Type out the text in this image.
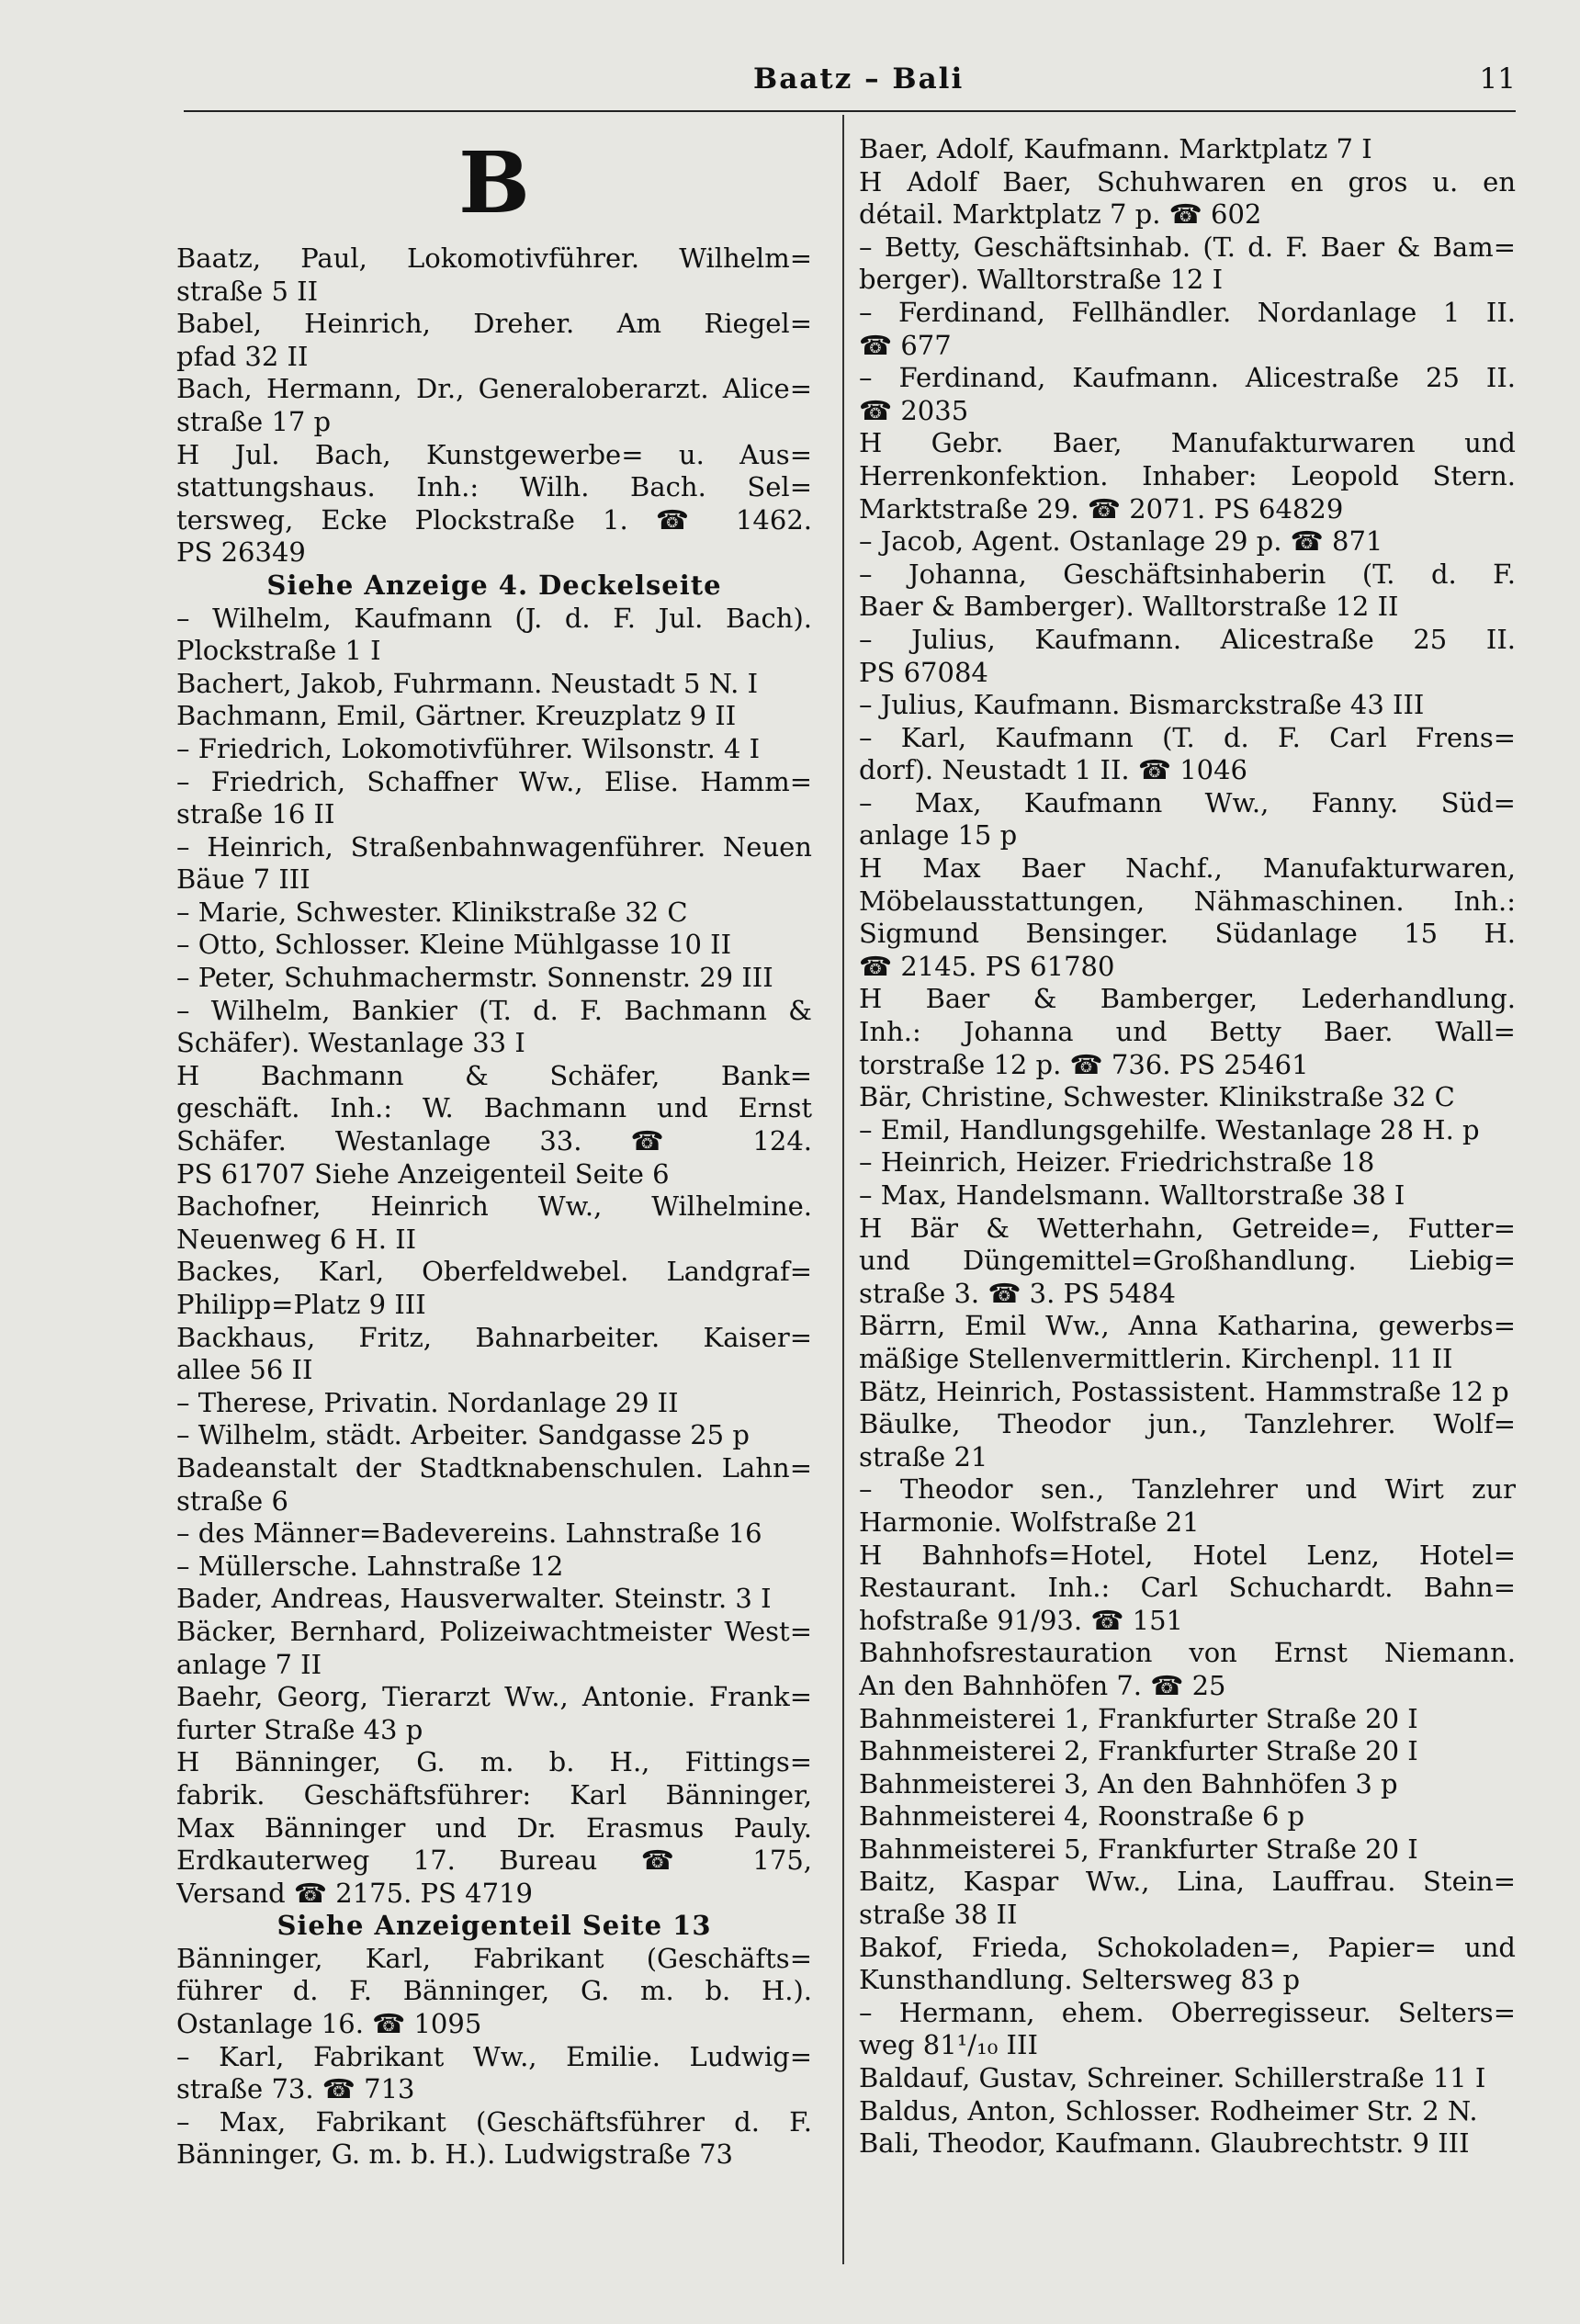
Baatz – Bali	11
B
Baatz, Paul, Lokomotivführer. Wilhelm=
straße 5 II
Babel, Heinrich, Dreher. Am Riegel=
pfad 32 II
Bach, Hermann, Dr., Generaloberarzt. Alice=
straße 17 p
H Jul. Bach, Kunstgewerbe= u. Aus=
stattungshaus. Inh.: Wilh. Bach. Sel=
tersweg, Ecke Plockstraße 1. ☎ 1462.
PS 26349
Siehe Anzeige 4. Deckelseite
– Wilhelm, Kaufmann (J. d. F. Jul. Bach).
Plockstraße 1 I
Bachert, Jakob, Fuhrmann. Neustadt 5 N. I
Bachmann, Emil, Gärtner. Kreuzplatz 9 II
– Friedrich, Lokomotivführer. Wilsonstr. 4 I
– Friedrich, Schaffner Ww., Elise. Hamm=
straße 16 II
– Heinrich, Straßenbahnwagenführer. Neuen
Bäue 7 III
– Marie, Schwester. Klinikstraße 32 C
– Otto, Schlosser. Kleine Mühlgasse 10 II
– Peter, Schuhmachermstr. Sonnenstr. 29 III
– Wilhelm, Bankier (T. d. F. Bachmann &
Schäfer). Westanlage 33 I
H Bachmann & Schäfer, Bank=
geschäft. Inh.: W. Bachmann und Ernst
Schäfer. Westanlage 33. ☎ 124.
PS 61707 Siehe Anzeigenteil Seite 6
Bachofner, Heinrich Ww., Wilhelmine.
Neuenweg 6 H. II
Backes, Karl, Oberfeldwebel. Landgraf=
Philipp=Platz 9 III
Backhaus, Fritz, Bahnarbeiter. Kaiser=
allee 56 II
– Therese, Privatin. Nordanlage 29 II
– Wilhelm, städt. Arbeiter. Sandgasse 25 p
Badeanstalt der Stadtknabenschulen. Lahn=
straße 6
– des Männer=Badevereins. Lahnstraße 16
– Müllersche. Lahnstraße 12
Bader, Andreas, Hausverwalter. Steinstr. 3 I
Bäcker, Bernhard, Polizeiwachtmeister West=
anlage 7 II
Baehr, Georg, Tierarzt Ww., Antonie. Frank=
furter Straße 43 p
H Bänninger, G. m. b. H., Fittings=
fabrik. Geschäftsführer: Karl Bänninger,
Max Bänninger und Dr. Erasmus Pauly.
Erdkauterweg 17. Bureau ☎ 175,
Versand ☎ 2175. PS 4719
Siehe Anzeigenteil Seite 13
Bänninger, Karl, Fabrikant (Geschäfts=
führer d. F. Bänninger, G. m. b. H.).
Ostanlage 16. ☎ 1095
– Karl, Fabrikant Ww., Emilie. Ludwig=
straße 73. ☎ 713
– Max, Fabrikant (Geschäftsführer d. F.
Bänninger, G. m. b. H.). Ludwigstraße 73
Baer, Adolf, Kaufmann. Marktplatz 7 I
H Adolf Baer, Schuhwaren en gros u. en
détail. Marktplatz 7 p. ☎ 602
– Betty, Geschäftsinhab. (T. d. F. Baer & Bam=
berger). Walltorstraße 12 I
– Ferdinand, Fellhändler. Nordanlage 1 II.
☎ 677
– Ferdinand, Kaufmann. Alicestraße 25 II.
☎ 2035
H Gebr. Baer, Manufakturwaren und
Herrenkonfektion. Inhaber: Leopold Stern.
Marktstraße 29. ☎ 2071. PS 64829
– Jacob, Agent. Ostanlage 29 p. ☎ 871
– Johanna, Geschäftsinhaberin (T. d. F.
Baer & Bamberger). Walltorstraße 12 II
– Julius, Kaufmann. Alicestraße 25 II.
PS 67084
– Julius, Kaufmann. Bismarckstraße 43 III
– Karl, Kaufmann (T. d. F. Carl Frens=
dorf). Neustadt 1 II. ☎ 1046
– Max, Kaufmann Ww., Fanny. Süd=
anlage 15 p
H Max Baer Nachf., Manufakturwaren,
Möbelausstattungen, Nähmaschinen. Inh.:
Sigmund Bensinger. Südanlage 15 H.
☎ 2145. PS 61780
H Baer & Bamberger, Lederhandlung.
Inh.: Johanna und Betty Baer. Wall=
torstraße 12 p. ☎ 736. PS 25461
Bär, Christine, Schwester. Klinikstraße 32 C
– Emil, Handlungsgehilfe. Westanlage 28 H. p
– Heinrich, Heizer. Friedrichstraße 18
– Max, Handelsmann. Walltorstraße 38 I
H Bär & Wetterhahn, Getreide=, Futter=
und Düngemittel=Großhandlung. Liebig=
straße 3. ☎ 3. PS 5484
Bärrn, Emil Ww., Anna Katharina, gewerbs=
mäßige Stellenvermittlerin. Kirchenpl. 11 II
Bätz, Heinrich, Postassistent. Hammstraße 12 p
Bäulke, Theodor jun., Tanzlehrer. Wolf=
straße 21
– Theodor sen., Tanzlehrer und Wirt zur
Harmonie. Wolfstraße 21
H Bahnhofs=Hotel, Hotel Lenz, Hotel=
Restaurant. Inh.: Carl Schuchardt. Bahn=
hofstraße 91/93. ☎ 151
Bahnhofsrestauration von Ernst Niemann.
An den Bahnhöfen 7. ☎ 25
Bahnmeisterei 1, Frankfurter Straße 20 I
Bahnmeisterei 2, Frankfurter Straße 20 I
Bahnmeisterei 3, An den Bahnhöfen 3 p
Bahnmeisterei 4, Roonstraße 6 p
Bahnmeisterei 5, Frankfurter Straße 20 I
Baitz, Kaspar Ww., Lina, Lauffrau. Stein=
straße 38 II
Bakof, Frieda, Schokoladen=, Papier= und
Kunsthandlung. Seltersweg 83 p
– Hermann, ehem. Oberregisseur. Selters=
weg 81¹/₁₀ III
Baldauf, Gustav, Schreiner. Schillerstraße 11 I
Baldus, Anton, Schlosser. Rodheimer Str. 2 N.
Bali, Theodor, Kaufmann. Glaubrechtstr. 9 III
